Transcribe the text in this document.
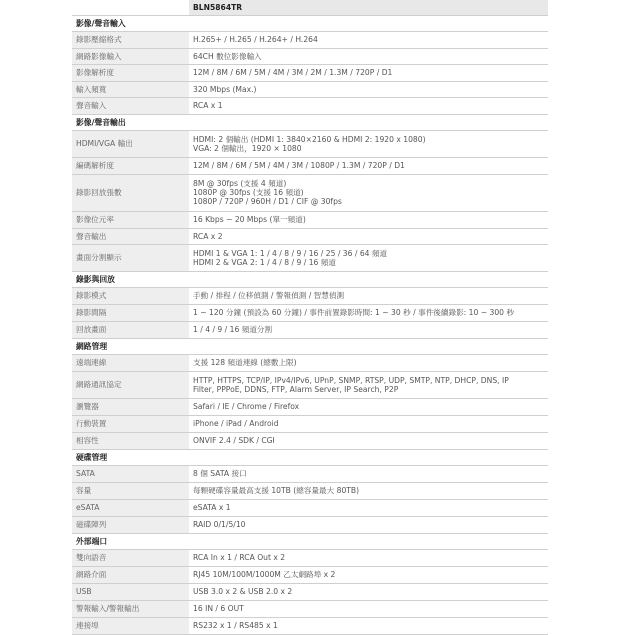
	BLN5864TR
影像/聲音輸入	
錄影壓縮格式	H.265+ / H.265 / H.264+ / H.264

網路影像輸入	64CH 數位影像輸入

影像解析度	12M / 8M / 6M / 5M / 4M / 3M / 2M / 1.3M / 720P / D1

輸入頻寬	320 Mbps (Max.)

聲音輸入	RCA x 1

影像/聲音輸出	
HDMI/VGA 輸出	HDMI: 2 個輸出 (HDMI 1: 3840×2160 & HDMI 2: 1920 x 1080)
VGA: 2 個輸出，1920 × 1080

編碼解析度	12M / 8M / 6M / 5M / 4M / 3M / 1080P / 1.3M / 720P / D1

錄影回放張數	8M @ 30fps (支援 4 頻道)
1080P @ 30fps (支援 16 頻道)
1080P / 720P / 960H / D1 / CIF @ 30fps

影像位元率	16 Kbps ~ 20 Mbps (單一頻道)

聲音輸出	RCA x 2

畫面分割顯示	HDMI 1 & VGA 1: 1 / 4 / 8 / 9 / 16 / 25 / 36 / 64 頻道
HDMI 2 & VGA 2: 1 / 4 / 8 / 9 / 16 頻道

錄影與回放	
錄影模式	手動 / 排程 / 位移偵測 / 警報偵測 / 智慧偵測

錄影間隔	1 ~ 120 分鐘 (預設為 60 分鐘) / 事件前置錄影時間: 1 ~ 30 秒 / 事件後續錄影: 10 ~ 300 秒

回放畫面	1 / 4 / 9 / 16 頻道分割

網路管理	
遠端連線	支援 128 頻道連線 (總數上限)

網路通訊協定	HTTP, HTTPS, TCP/IP, IPv4/IPv6, UPnP, SNMP, RTSP, UDP, SMTP, NTP, DHCP, DNS, IP
Filter, PPPoE, DDNS, FTP, Alarm Server, IP Search, P2P

瀏覽器	Safari / IE / Chrome / Firefox

行動裝置	iPhone / iPad / Android

相容性	ONVIF 2.4 / SDK / CGI

硬碟管理	
SATA	8 個 SATA 接口

容量	每顆硬碟容量最高支援 10TB (總容量最大 80TB)

eSATA	eSATA x 1

磁碟陣列	RAID 0/1/5/10

外部端口	
雙向語音	RCA In x 1 / RCA Out x 2

網路介面	RJ45 10M/100M/1000M 乙太網路埠 x 2

USB	USB 3.0 x 2 & USB 2.0 x 2

警報輸入/警報輸出	16 IN / 6 OUT

連接埠	RS232 x 1 / RS485 x 1
